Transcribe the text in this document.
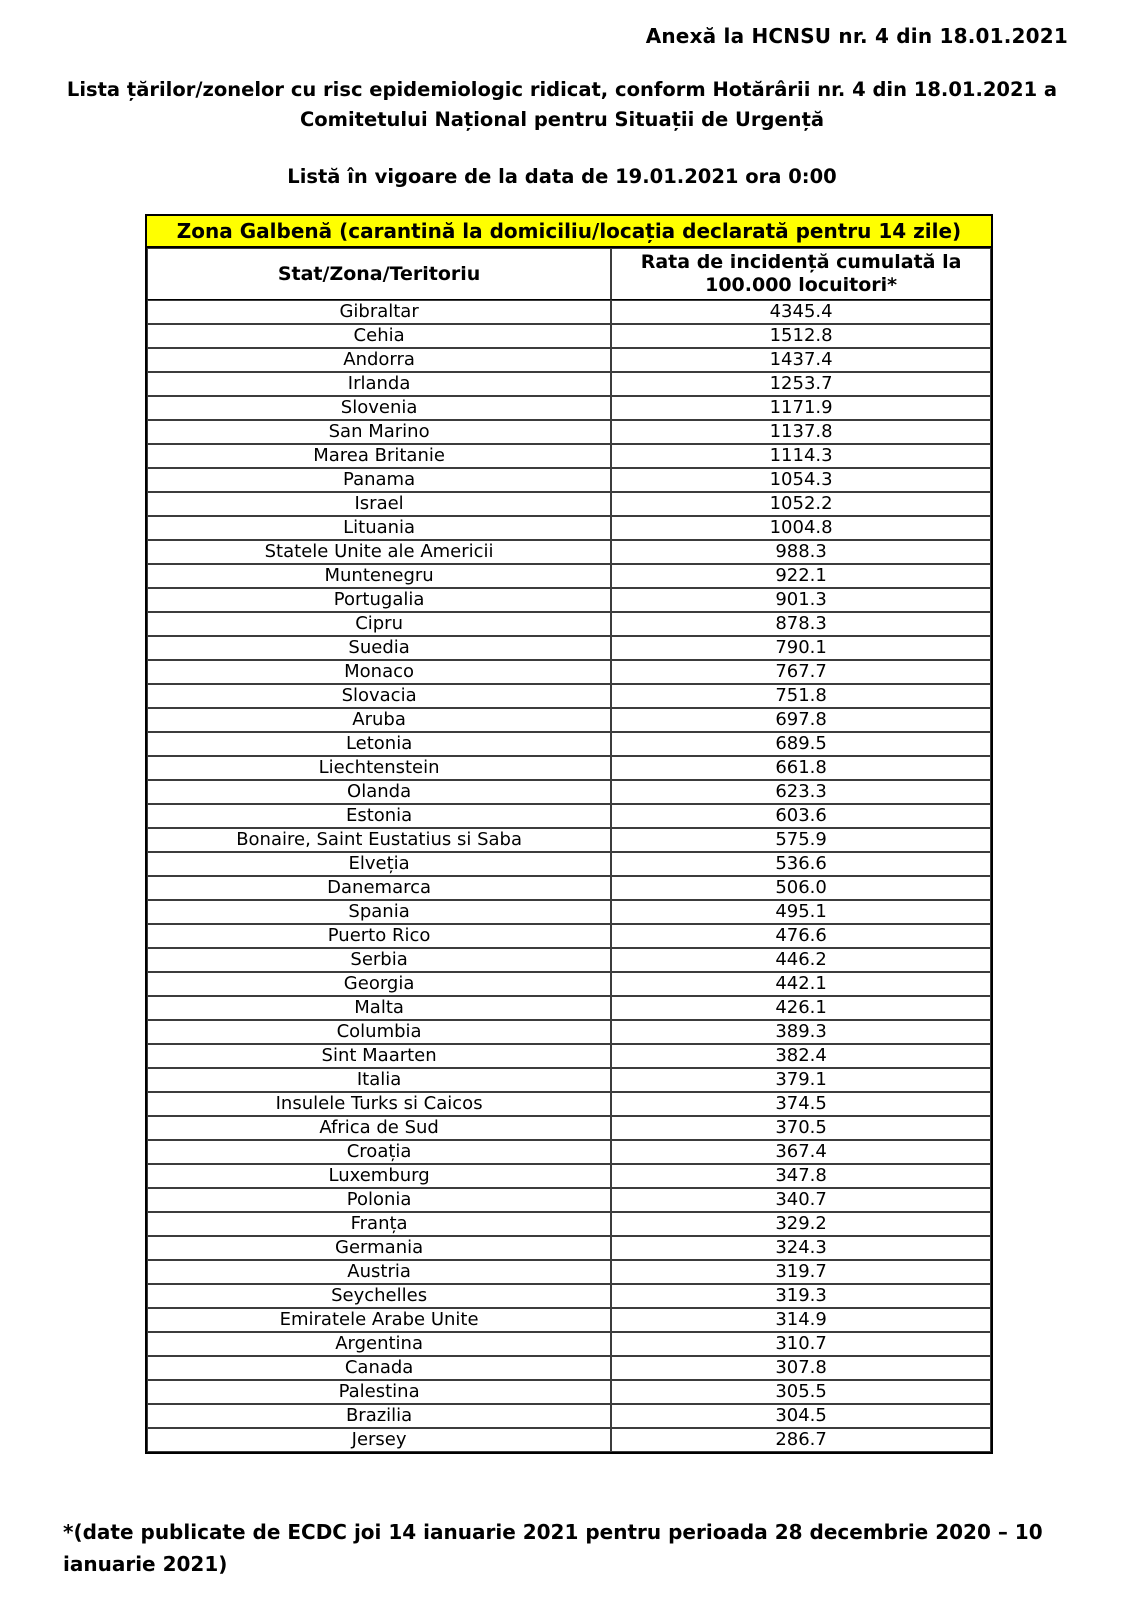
Anexă la HCNSU nr. 4 din 18.01.2021
Lista țărilor/zonelor cu risc epidemiologic ridicat, conform Hotărârii nr. 4 din 18.01.2021 a
Comitetului Național pentru Situații de Urgență
Listă în vigoare de la data de 19.01.2021 ora 0:00
Zona Galbenă (carantină la domiciliu/locația declarată pentru 14 zile)
Stat/Zona/Teritoriu	Rata de incidență cumulată la
100.000 locuitori*

Gibraltar	4345.4
Cehia	1512.8
Andorra	1437.4
Irlanda	1253.7
Slovenia	1171.9
San Marino	1137.8
Marea Britanie	1114.3
Panama	1054.3
Israel	1052.2
Lituania	1004.8
Statele Unite ale Americii	988.3
Muntenegru	922.1
Portugalia	901.3
Cipru	878.3
Suedia	790.1
Monaco	767.7
Slovacia	751.8
Aruba	697.8
Letonia	689.5
Liechtenstein	661.8
Olanda	623.3
Estonia	603.6
Bonaire, Saint Eustatius si Saba	575.9
Elveția	536.6
Danemarca	506.0
Spania	495.1
Puerto Rico	476.6
Serbia	446.2
Georgia	442.1
Malta	426.1
Columbia	389.3
Sint Maarten	382.4
Italia	379.1
Insulele Turks si Caicos	374.5
Africa de Sud	370.5
Croația	367.4
Luxemburg	347.8
Polonia	340.7
Franța	329.2
Germania	324.3
Austria	319.7
Seychelles	319.3
Emiratele Arabe Unite	314.9
Argentina	310.7
Canada	307.8
Palestina	305.5
Brazilia	304.5
Jersey	286.7
*(date publicate de ECDC joi 14 ianuarie 2021 pentru perioada 28 decembrie 2020 – 10
ianuarie 2021)
